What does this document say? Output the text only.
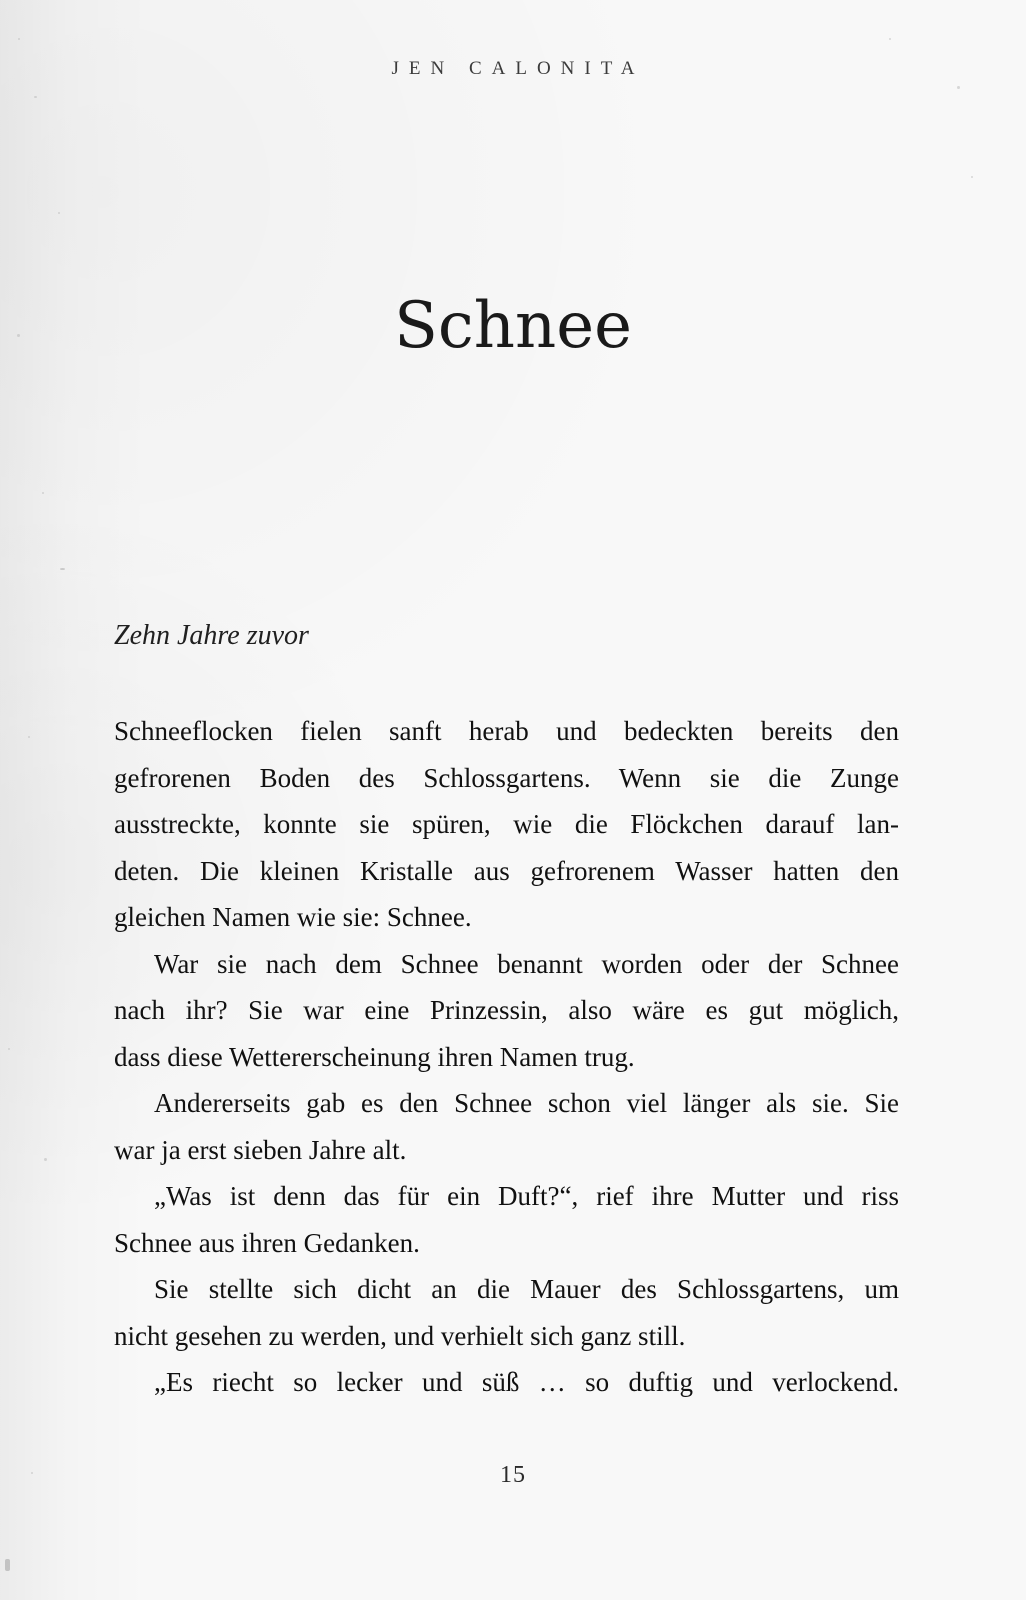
JEN CALONITA
Schnee
Zehn Jahre zuvor
Schneeflocken fielen sanft herab und bedeckten bereits den
gefrorenen Boden des Schlossgartens. Wenn sie die Zunge
ausstreckte, konnte sie spüren, wie die Flöckchen darauf lan-
deten. Die kleinen Kristalle aus gefrorenem Wasser hatten den
gleichen Namen wie sie: Schnee.
War sie nach dem Schnee benannt worden oder der Schnee
nach ihr? Sie war eine Prinzessin, also wäre es gut möglich,
dass diese Wettererscheinung ihren Namen trug.
Andererseits gab es den Schnee schon viel länger als sie. Sie
war ja erst sieben Jahre alt.
„Was ist denn das für ein Duft?“, rief ihre Mutter und riss
Schnee aus ihren Gedanken.
Sie stellte sich dicht an die Mauer des Schlossgartens, um
nicht gesehen zu werden, und verhielt sich ganz still.
„Es riecht so lecker und süß … so duftig und verlockend.
15
